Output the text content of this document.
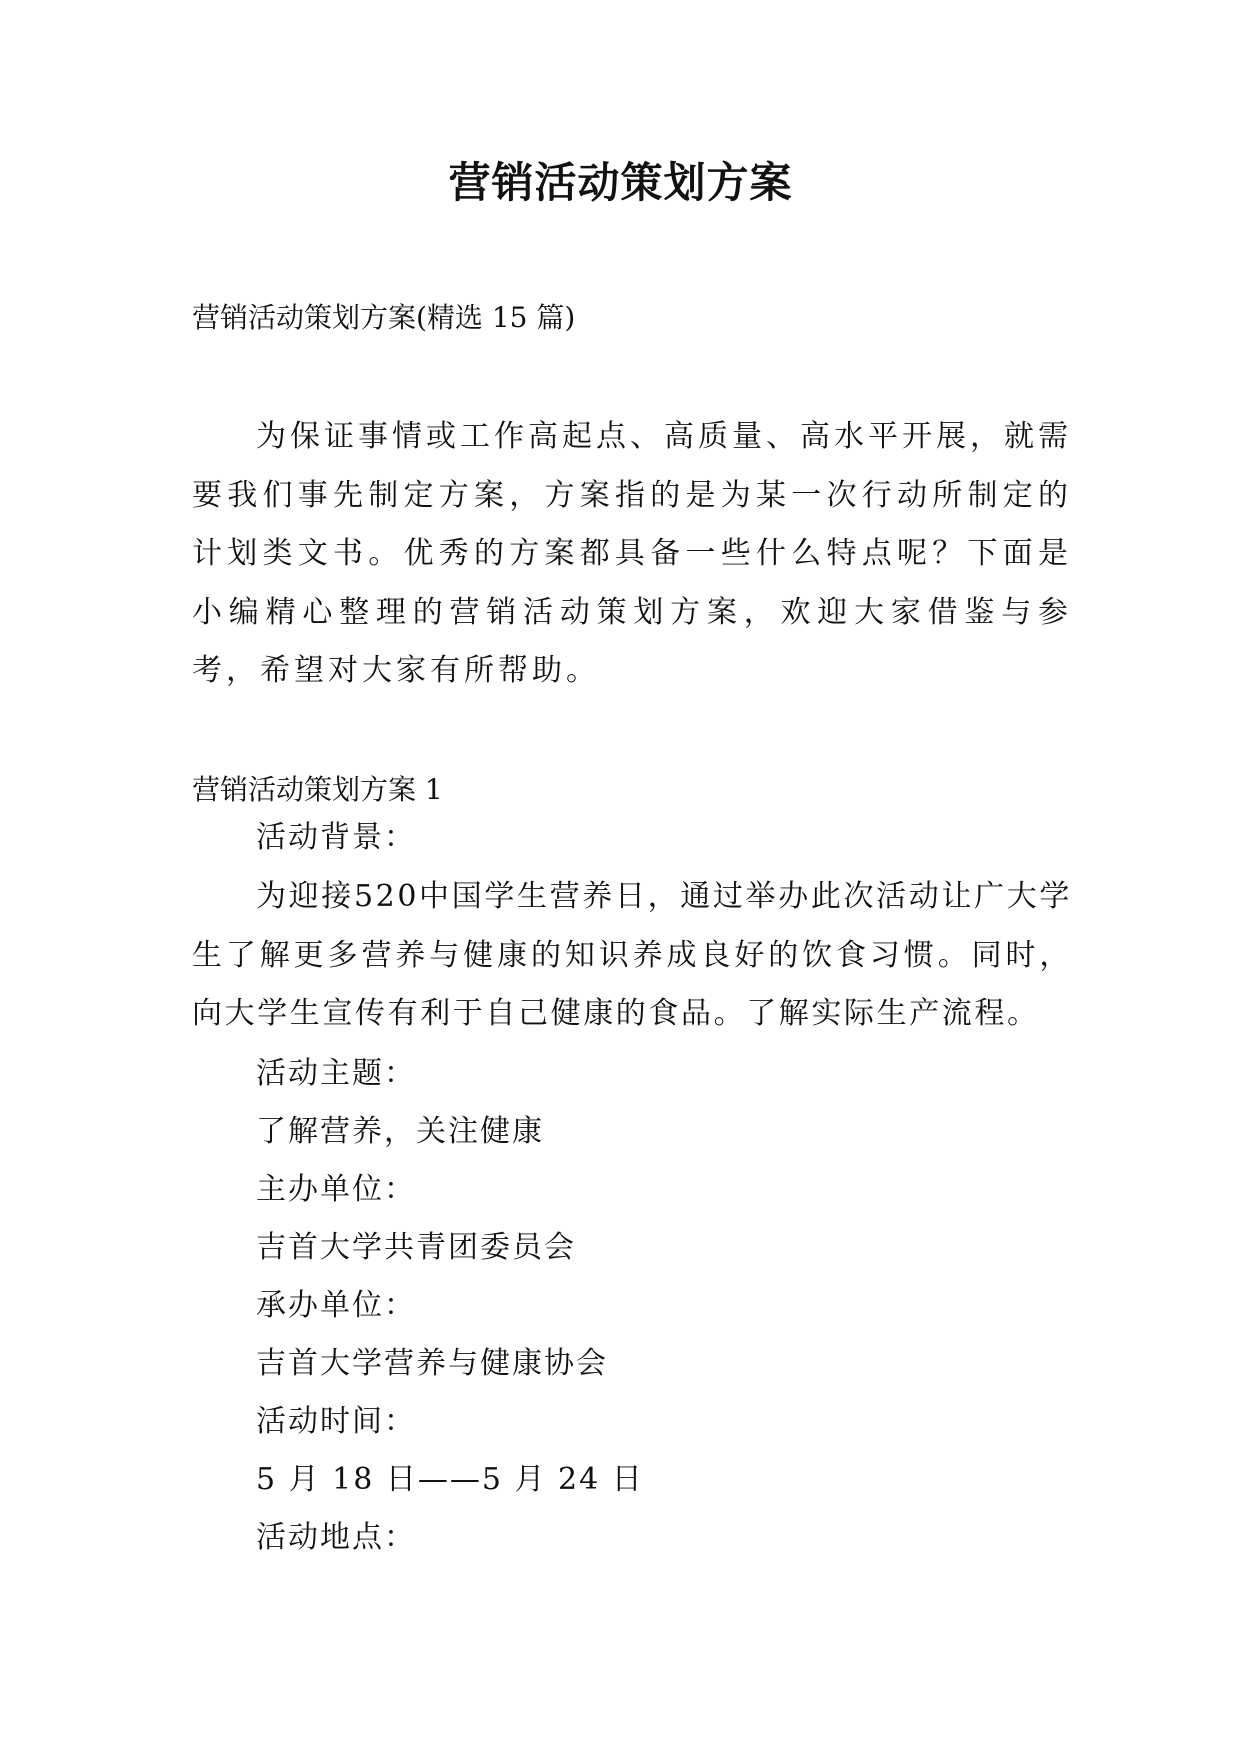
营销活动策划方案
营销活动策划方案(精选 15 篇)
为保证事情或工作高起点、高质量、高水平开展，就需要我们事先制定方案，方案指的是为某一次行动所制定的计划类文书。优秀的方案都具备一些什么特点呢？下面是小编精心整理的营销活动策划方案，欢迎大家借鉴与参考，希望对大家有所帮助。
营销活动策划方案 1
活动背景：
为迎接520中国学生营养日，通过举办此次活动让广大学生了解更多营养与健康的知识养成良好的饮食习惯。同时，向大学生宣传有利于自己健康的食品。了解实际生产流程。
活动主题：
了解营养，关注健康
主办单位：
吉首大学共青团委员会
承办单位：
吉首大学营养与健康协会
活动时间：
5 月 18 日——5 月 24 日
活动地点：
